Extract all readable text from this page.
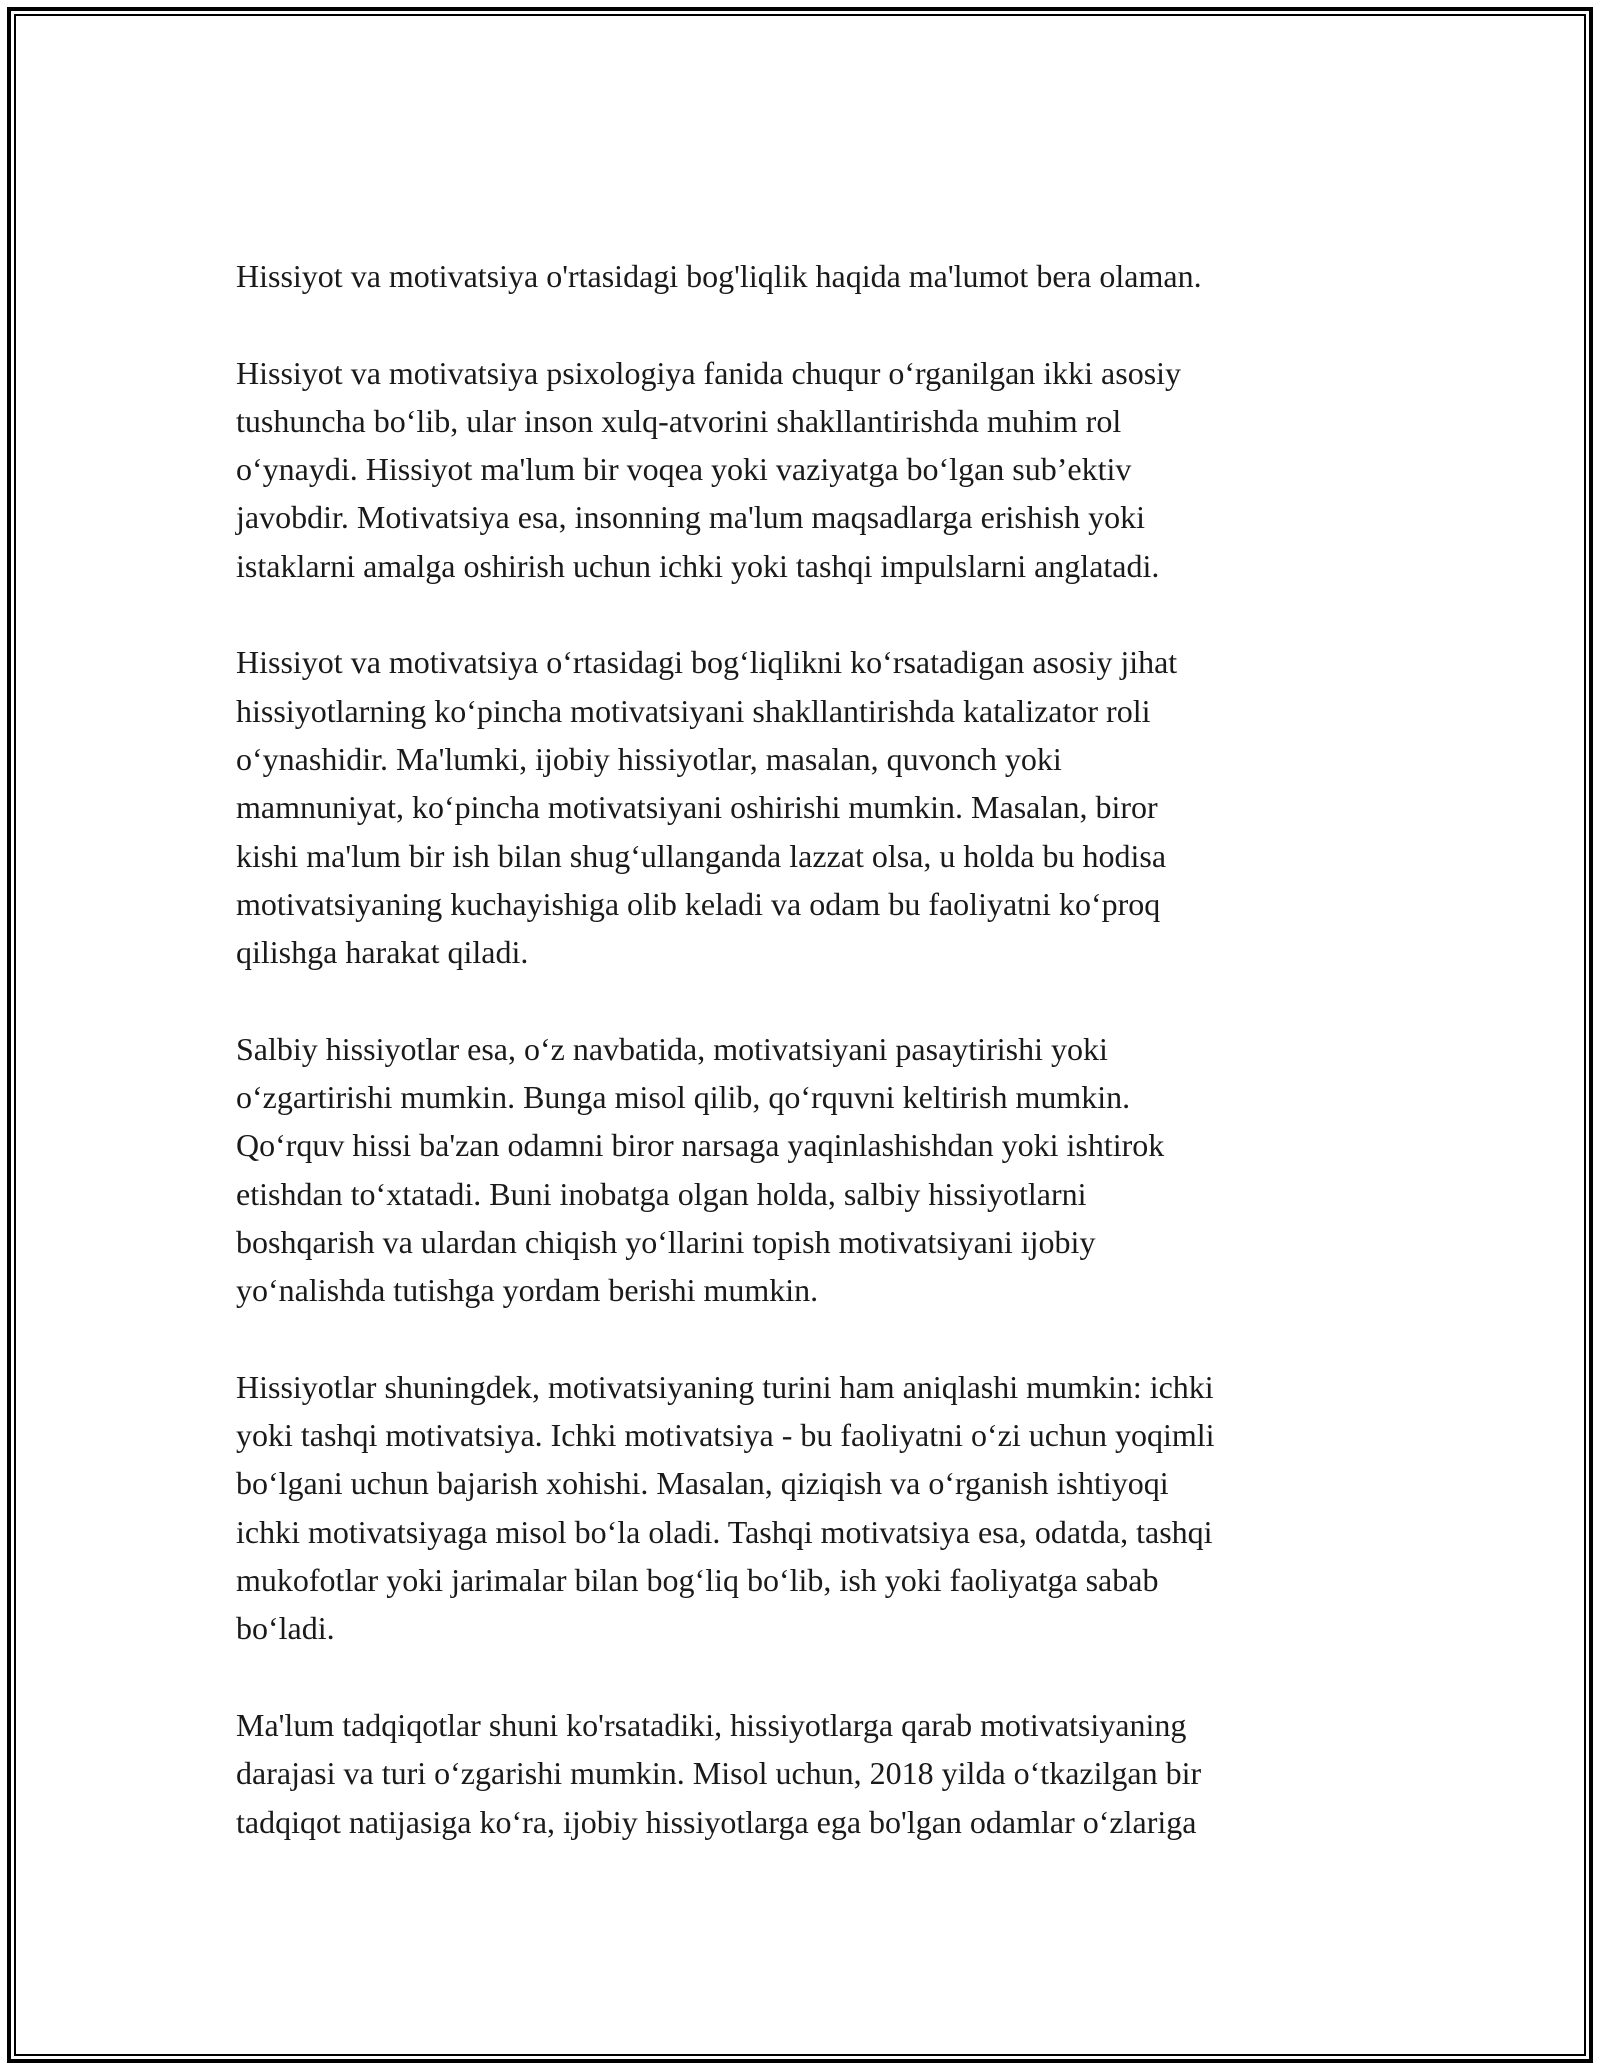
Hissiyot va motivatsiya o'rtasidagi bog'liqlik haqida ma'lumot bera olaman.

Hissiyot va motivatsiya psixologiya fanida chuqur o‘rganilgan ikki asosiy
tushuncha bo‘lib, ular inson xulq-atvorini shakllantirishda muhim rol
o‘ynaydi. Hissiyot ma'lum bir voqea yoki vaziyatga bo‘lgan sub’ektiv
javobdir. Motivatsiya esa, insonning ma'lum maqsadlarga erishish yoki
istaklarni amalga oshirish uchun ichki yoki tashqi impulslarni anglatadi.

Hissiyot va motivatsiya o‘rtasidagi bog‘liqlikni ko‘rsatadigan asosiy jihat
hissiyotlarning ko‘pincha motivatsiyani shakllantirishda katalizator roli
o‘ynashidir. Ma'lumki, ijobiy hissiyotlar, masalan, quvonch yoki
mamnuniyat, ko‘pincha motivatsiyani oshirishi mumkin. Masalan, biror
kishi ma'lum bir ish bilan shug‘ullanganda lazzat olsa, u holda bu hodisa
motivatsiyaning kuchayishiga olib keladi va odam bu faoliyatni ko‘proq
qilishga harakat qiladi.

Salbiy hissiyotlar esa, o‘z navbatida, motivatsiyani pasaytirishi yoki
o‘zgartirishi mumkin. Bunga misol qilib, qo‘rquvni keltirish mumkin.
Qo‘rquv hissi ba'zan odamni biror narsaga yaqinlashishdan yoki ishtirok
etishdan to‘xtatadi. Buni inobatga olgan holda, salbiy hissiyotlarni
boshqarish va ulardan chiqish yo‘llarini topish motivatsiyani ijobiy
yo‘nalishda tutishga yordam berishi mumkin.

Hissiyotlar shuningdek, motivatsiyaning turini ham aniqlashi mumkin: ichki
yoki tashqi motivatsiya. Ichki motivatsiya - bu faoliyatni o‘zi uchun yoqimli
bo‘lgani uchun bajarish xohishi. Masalan, qiziqish va o‘rganish ishtiyoqi
ichki motivatsiyaga misol bo‘la oladi. Tashqi motivatsiya esa, odatda, tashqi
mukofotlar yoki jarimalar bilan bog‘liq bo‘lib, ish yoki faoliyatga sabab
bo‘ladi.

Ma'lum tadqiqotlar shuni ko'rsatadiki, hissiyotlarga qarab motivatsiyaning
darajasi va turi o‘zgarishi mumkin. Misol uchun, 2018 yilda o‘tkazilgan bir
tadqiqot natijasiga ko‘ra, ijobiy hissiyotlarga ega bo'lgan odamlar o‘zlariga
